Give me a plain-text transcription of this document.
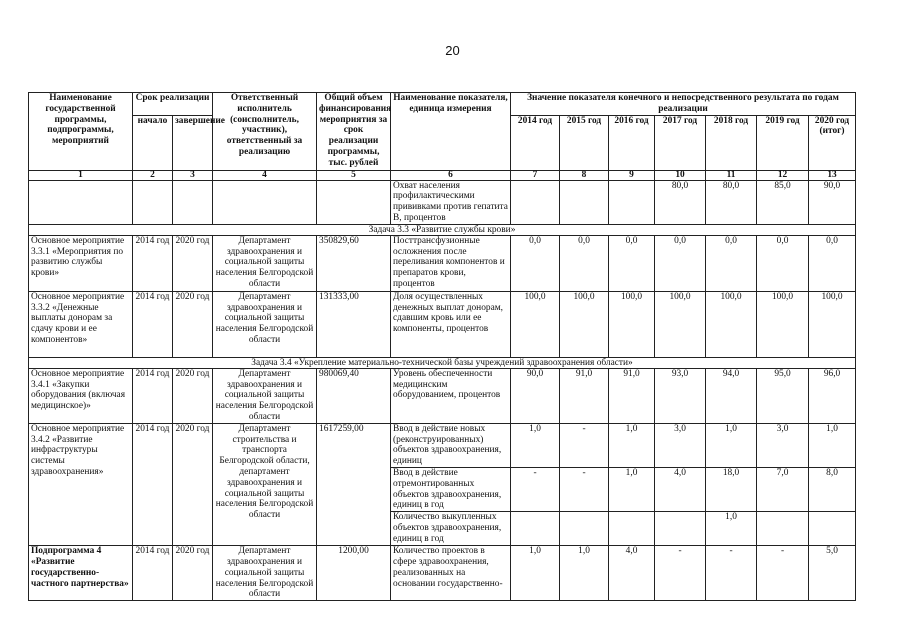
20
Наименование государственной программы, подпрограммы, мероприятий	Срок реализации		Ответственный исполнитель (соисполнитель, участник), ответственный за реализацию	Общий объем финансирования мероприятия за срок реализации программы, тыс. рублей	Наименование показателя, единица измерения	Значение показателя конечного и непосредственного результата по годам реализации						
	начало	завершение				2014 год	2015 год	2016 год	2017 год	2018 год	2019 год	2020 год (итог)
1	2	3	4	5	6	7	8	9	10	11	12	13
					Охват населения профилактическими прививками против гепатита В, процентов				80,0	80,0	85,0	90,0
Задача 3.3 «Развитие службы крови»												
Основное мероприятие 3.3.1 «Мероприятия по развитию службы крови»	2014 год	2020 год	Департамент здравоохранения и социальной защиты населения Белгородской области	350829,60	Посттрансфузионные осложнения после переливания компонентов и препаратов крови, процентов	0,0	0,0	0,0	0,0	0,0	0,0	0,0
Основное мероприятие 3.3.2 «Денежные выплаты донорам за сдачу крови и ее компонентов»	2014 год	2020 год	Департамент здравоохранения и социальной защиты населения Белгородской области	131333,00	Доля осуществленных денежных выплат донорам, сдавшим кровь или ее компоненты, процентов	100,0	100,0	100,0	100,0	100,0	100,0	100,0
Задача 3.4 «Укрепление материально-технической базы учреждений здравоохранения области»												
Основное мероприятие 3.4.1 «Закупки оборудования (включая медицинское)»	2014 год	2020 год	Департамент здравоохранения и социальной защиты населения Белгородской области	980069,40	Уровень обеспеченности медицинским оборудованием, процентов	90,0	91,0	91,0	93,0	94,0	95,0	96,0
Основное мероприятие 3.4.2 «Развитие инфраструктуры системы здравоохранения»	2014 год	2020 год	Департамент строительства и транспорта Белгородской области, департамент здравоохранения и социальной защиты населения Белгородской области	1617259,00	Ввод в действие новых (реконструированных) объектов здравоохранения, единиц	1,0	-	1,0	3,0	1,0	3,0	1,0
					Ввод в действие отремонтированных объектов здравоохранения, единиц в год	-	-	1,0	4,0	18,0	7,0	8,0
					Количество выкупленных объектов здравоохранения, единиц в год					1,0		
Подпрограмма 4 «Развитие государственно-частного партнерства»	2014 год	2020 год	Департамент здравоохранения и социальной защиты населения Белгородской области	1200,00	Количество проектов в сфере здравоохранения, реализованных на основании государственно-	1,0	1,0	4,0	-	-	-	5,0
